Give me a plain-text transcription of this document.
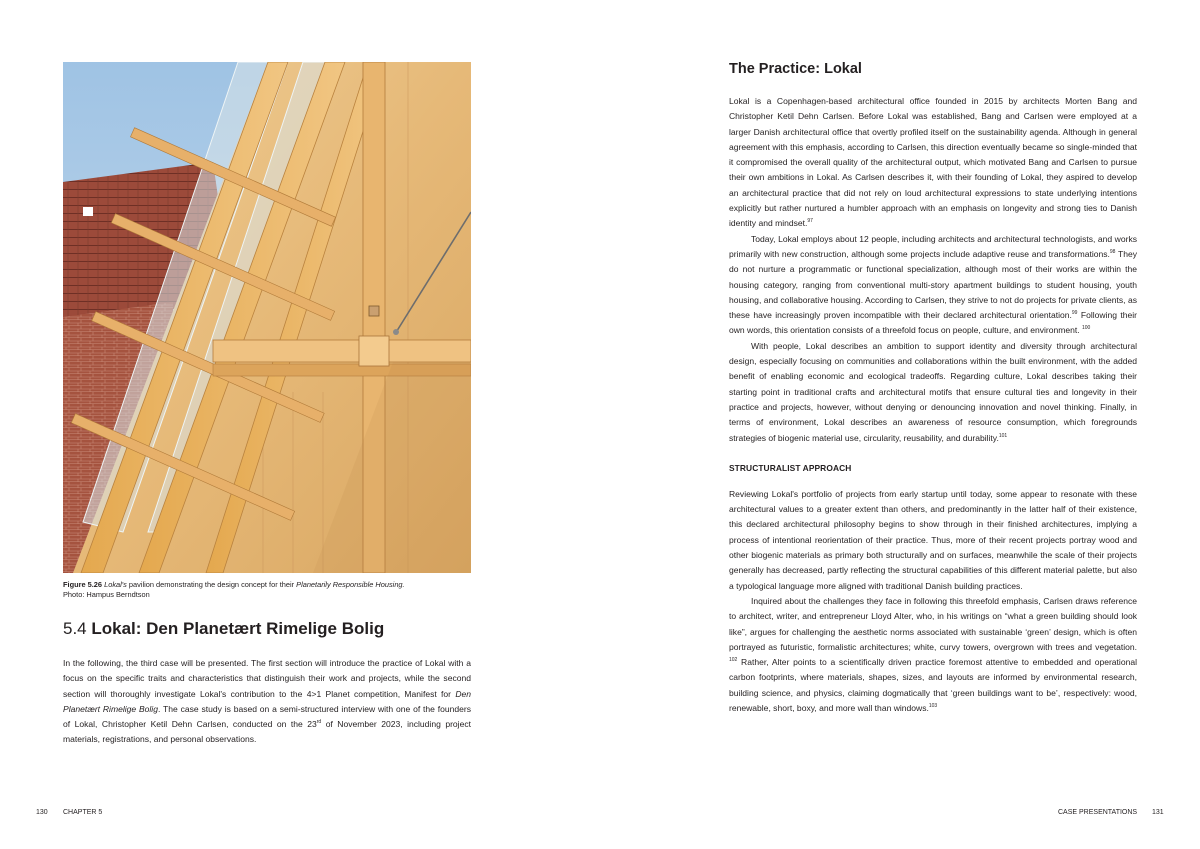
Figure 5.26 Lokal's pavilion demonstrating the design concept for their Planetarily Responsible Housing.
Photo: Hampus Berndtson
5.4 Lokal: Den Planetært Rimelige Bolig
In the following, the third case will be presented. The first section will introduce the practice of Lokal with a focus on the specific traits and characteristics that distinguish their work and projects, while the second section will thoroughly investigate Lokal's contribution to the 4>1 Planet competition, Manifest for Den Planetært Rimelige Bolig. The case study is based on a semi-structured interview with one of the founders of Lokal, Christopher Ketil Dehn Carlsen, conducted on the 23rd of November 2023, including project materials, registrations, and personal observations.
130 CHAPTER 5
The Practice: Lokal

Lokal is a Copenhagen-based architectural office founded in 2015 by architects Morten Bang and Christopher Ketil Dehn Carlsen. Before Lokal was established, Bang and Carlsen were employed at a larger Danish architectural office that overtly profiled itself on the sustainability agenda. Although in general agreement with this emphasis, according to Carlsen, this direction eventually became so single-minded that it compromised the overall quality of the architectural output, which motivated Bang and Carlsen to pursue their own ambitions in Lokal. As Carlsen describes it, with their founding of Lokal, they aspired to develop an architectural practice that did not rely on loud architectural expressions to state underlying intentions explicitly but rather nurtured a humbler approach with an emphasis on longevity and strong ties to Danish identity and mindset.$^{97}$

Today, Lokal employs about 12 people, including architects and architectural technologists, and works primarily with new construction, although some projects include adaptive reuse and transformations.$^{98}$ They do not nurture a programmatic or functional specialization, although most of their works are within the housing category, ranging from conventional multi-story apartment buildings to student housing, youth housing, and collaborative housing. According to Carlsen, they strive to not do projects for private clients, as these have increasingly proven incompatible with their declared architectural orientation.$^{99}$ Following their own words, this orientation consists of a threefold focus on people, culture, and environment. $^{100}$

With people, Lokal describes an ambition to support identity and diversity through architectural design, especially focusing on communities and collaborations within the built environment, with the added benefit of enabling economic and ecological tradeoffs. Regarding culture, Lokal describes taking their starting point in traditional crafts and architectural motifs that ensure cultural ties and longevity in their practice and projects, however, without denying or denouncing innovation and novel thinking. Finally, in terms of environment, Lokal describes an awareness of resource consumption, which foregrounds strategies of biogenic material use, circularity, reusability, and durability.$^{101}$

STRUCTURALIST APPROACH

Reviewing Lokal's portfolio of projects from early startup until today, some appear to resonate with these architectural values to a greater extent than others, and predominantly in the latter half of their existence, this declared architectural philosophy begins to show through in their finished architectures, implying a process of intentional reorientation of their practice. Thus, more of their recent projects portray wood and other biogenic materials as primary both structurally and on surfaces, meanwhile the scale of their projects generally has decreased, partly reflecting the structural capabilities of this different material palette, but also a typological language more aligned with traditional Danish building practices.

Inquired about the challenges they face in following this threefold emphasis, Carlsen draws reference to architect, writer, and entrepreneur Lloyd Alter, who, in his writings on “what a green building should look like”, argues for challenging the aesthetic norms associated with sustainable ‘green’ design, which is often portrayed as futuristic, formalistic architectures; white, curvy towers, overgrown with trees and vegetation. $^{102}$ Rather, Alter points to a scientifically driven practice foremost attentive to embedded and operational carbon footprints, where materials, shapes, sizes, and layouts are informed by environmental research, building science, and physics, claiming dogmatically that ‘green buildings want to be’, respectively: wood, renewable, short, boxy, and more wall than windows.$^{103}$

CASE PRESENTATIONS 131
